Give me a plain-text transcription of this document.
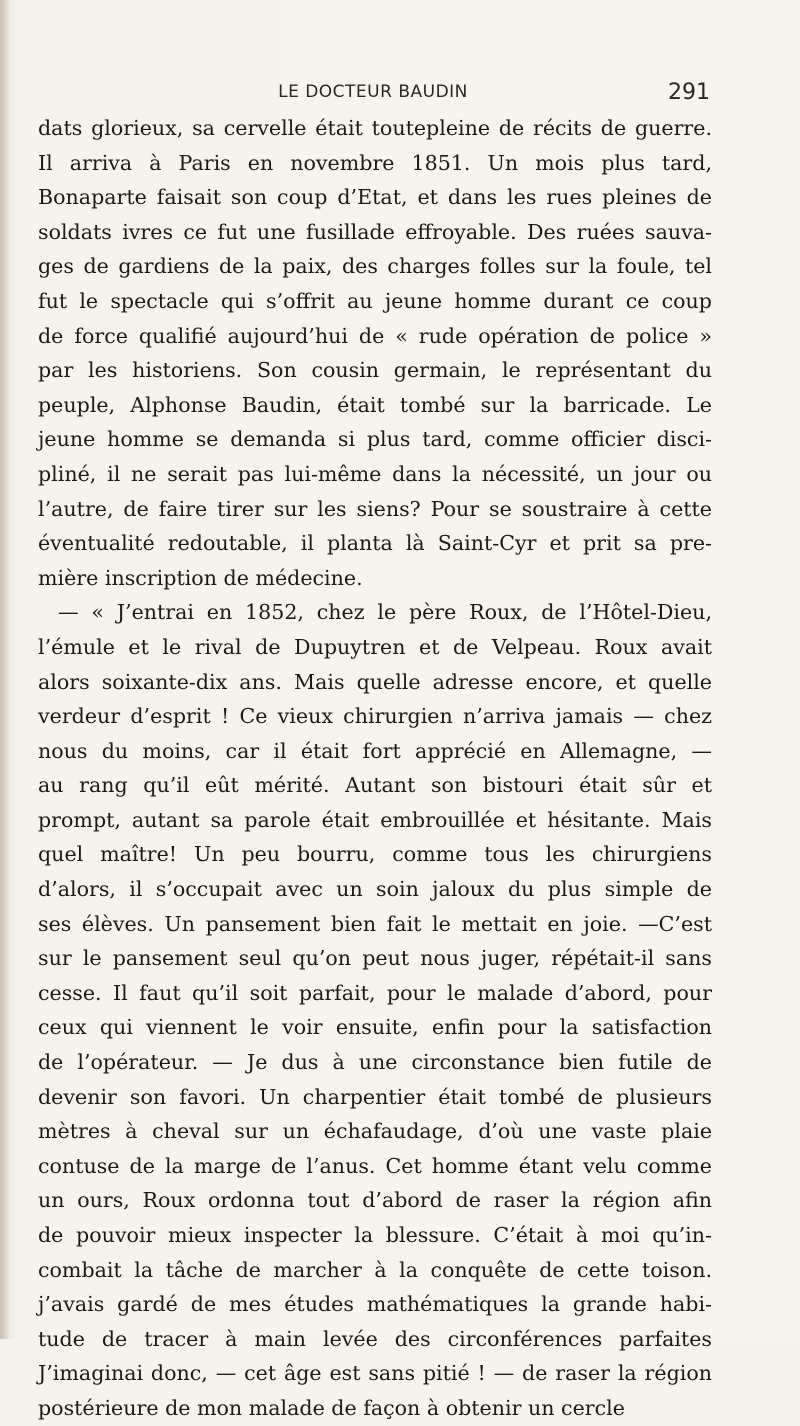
LE DOCTEUR BAUDIN	291
dats glorieux, sa cervelle était toutepleine de récits de guerre.
Il arriva à Paris en novembre 1851. Un mois plus tard,
Bonaparte faisait son coup d’Etat, et dans les rues pleines de
soldats ivres ce fut une fusillade effroyable. Des ruées sauva-
ges de gardiens de la paix, des charges folles sur la foule, tel
fut le spectacle qui s’offrit au jeune homme durant ce coup
de force qualifié aujourd’hui de « rude opération de police »
par les historiens. Son cousin germain, le représentant du
peuple, Alphonse Baudin, était tombé sur la barricade. Le
jeune homme se demanda si plus tard, comme officier disci-
pliné, il ne serait pas lui-même dans la nécessité, un jour ou
l’autre, de faire tirer sur les siens? Pour se soustraire à cette
éventualité redoutable, il planta là Saint-Cyr et prit sa pre-
mière inscription de médecine.
— « J’entrai en 1852, chez le père Roux, de l’Hôtel-Dieu,
l’émule et le rival de Dupuytren et de Velpeau. Roux avait
alors soixante-dix ans. Mais quelle adresse encore, et quelle
verdeur d’esprit ! Ce vieux chirurgien n’arriva jamais — chez
nous du moins, car il était fort apprécié en Allemagne, —
au rang qu’il eût mérité. Autant son bistouri était sûr et
prompt, autant sa parole était embrouillée et hésitante. Mais
quel maître! Un peu bourru, comme tous les chirurgiens
d’alors, il s’occupait avec un soin jaloux du plus simple de
ses élèves. Un pansement bien fait le mettait en joie. —C’est
sur le pansement seul qu’on peut nous juger, répétait-il sans
cesse. Il faut qu’il soit parfait, pour le malade d’abord, pour
ceux qui viennent le voir ensuite, enfin pour la satisfaction
de l’opérateur. — Je dus à une circonstance bien futile de
devenir son favori. Un charpentier était tombé de plusieurs
mètres à cheval sur un échafaudage, d’où une vaste plaie
contuse de la marge de l’anus. Cet homme étant velu comme
un ours, Roux ordonna tout d’abord de raser la région afin
de pouvoir mieux inspecter la blessure. C’était à moi qu’in-
combait la tâche de marcher à la conquête de cette toison.
j’avais gardé de mes études mathématiques la grande habi-
tude de tracer à main levée des circonférences parfaites
J’imaginai donc, — cet âge est sans pitié ! — de raser la région
postérieure de mon malade de façon à obtenir un cercle
